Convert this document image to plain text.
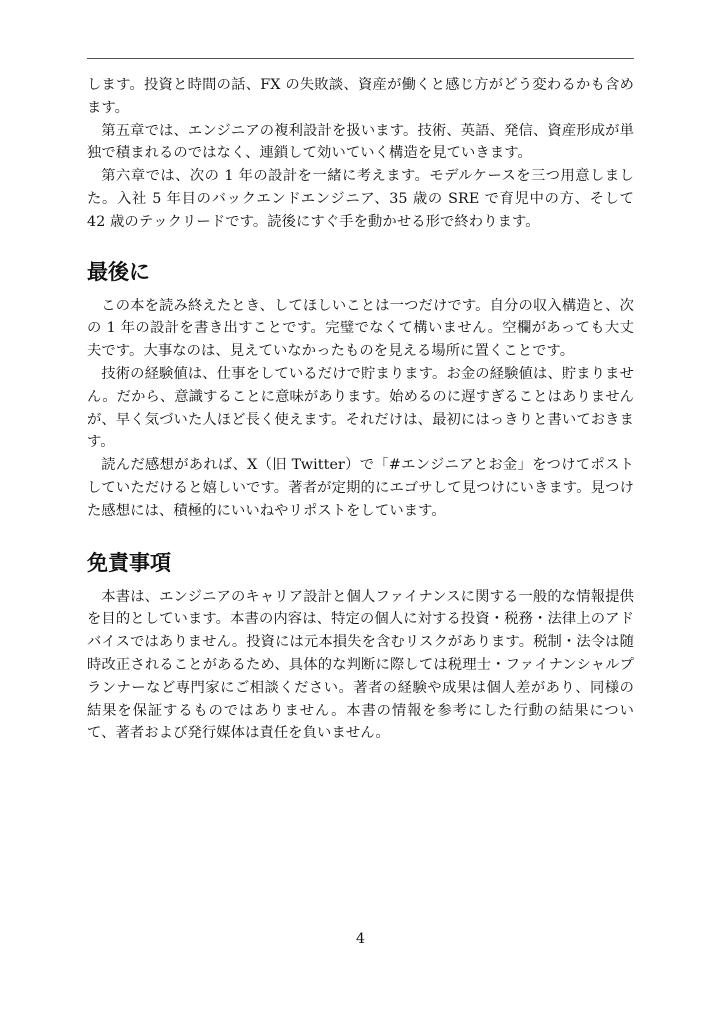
します。投資と時間の話、FX の失敗談、資産が働くと感じ方がどう変わるかも含めます。

第五章では、エンジニアの複利設計を扱います。技術、英語、発信、資産形成が単独で積まれるのではなく、連鎖して効いていく構造を見ていきます。

第六章では、次の 1 年の設計を一緒に考えます。モデルケースを三つ用意しました。入社 5 年目のバックエンドエンジニア、35 歳の SRE で育児中の方、そして 42 歳のテックリードです。読後にすぐ手を動かせる形で終わります。

最後に

この本を読み終えたとき、してほしいことは一つだけです。自分の収入構造と、次の 1 年の設計を書き出すことです。完璧でなくて構いません。空欄があっても大丈夫です。大事なのは、見えていなかったものを見える場所に置くことです。

技術の経験値は、仕事をしているだけで貯まります。お金の経験値は、貯まりません。だから、意識することに意味があります。始めるのに遅すぎることはありませんが、早く気づいた人ほど長く使えます。それだけは、最初にはっきりと書いておきます。

読んだ感想があれば、X（旧 Twitter）で「#エンジニアとお金」をつけてポストしていただけると嬉しいです。著者が定期的にエゴサして見つけにいきます。見つけた感想には、積極的にいいねやリポストをしています。

免責事項

本書は、エンジニアのキャリア設計と個人ファイナンスに関する一般的な情報提供を目的としています。本書の内容は、特定の個人に対する投資・税務・法律上のアドバイスではありません。投資には元本損失を含むリスクがあります。税制・法令は随時改正されることがあるため、具体的な判断に際しては税理士・ファイナンシャルプランナーなど専門家にご相談ください。著者の経験や成果は個人差があり、同様の結果を保証するものではありません。本書の情報を参考にした行動の結果について、著者および発行媒体は責任を負いません。

4
